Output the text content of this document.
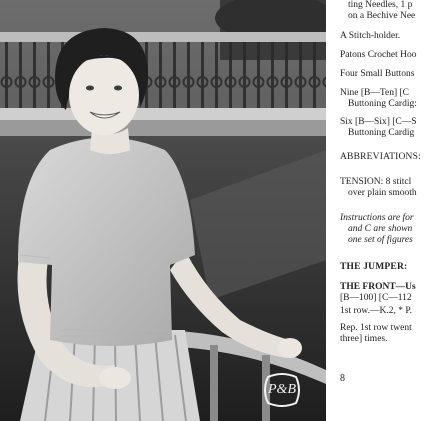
P&B
ting Needles, 1 p
on a Bechive Nee
A Stitch-holder.
Patons Crochet Hoo
Four Small Buttons
Nine [B—Ten] [C
Buttoning Cardig:
Six [B—Six] [C—S
Buttoning Cardig
ABBREVIATIONS:
TENSION: 8 stitcl
over plain smooth
Instructions are for
and C are shown
one set of figures
THE JUMPER:
THE FRONT—Us
[B—100] [C—112
1st row.—K.2, * P.
Rep. 1st row twent
three] times.
8
